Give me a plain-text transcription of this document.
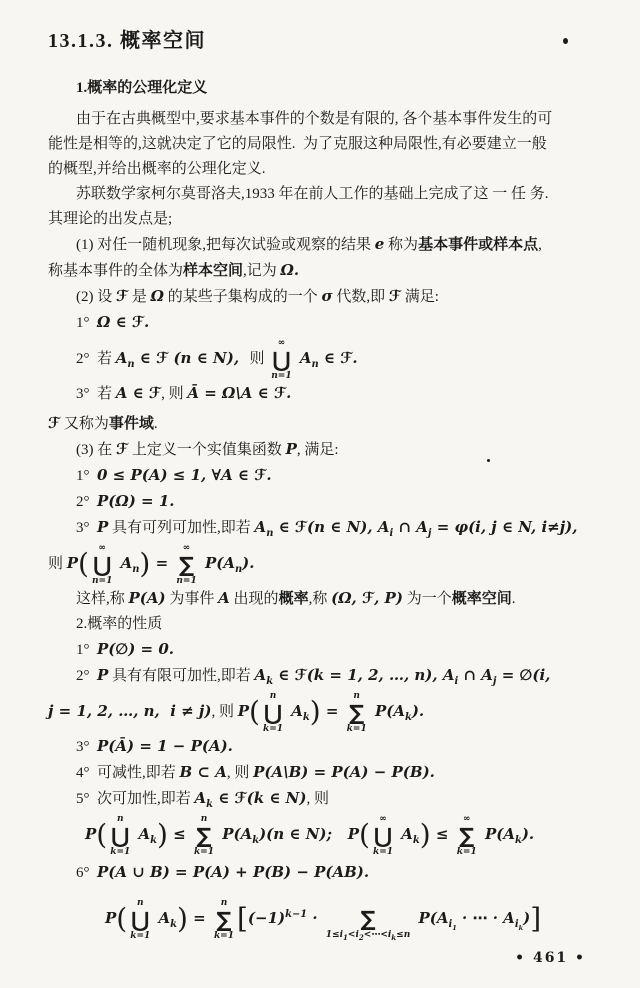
13.1.3. 概率空间
1.概率的公理化定义
由于在古典概型中,要求基本事件的个数是有限的, 各个基本事件发生的可
能性是相等的,这就决定了它的局限性.  为了克服这种局限性,有必要建立一般
的概型,并给出概率的公理化定义.
苏联数学家柯尔莫哥洛夫,1933 年在前人工作的基础上完成了这 一 任 务.
其理论的出发点是;
(1) 对任一随机现象,把每次试验或观察的结果 e 称为基本事件或样本点,
称基本事件的全体为样本空间,记为 Ω.
(2) 设 ℱ 是 Ω 的某些子集构成的一个 σ 代数,即 ℱ 满足:
1°  Ω ∈ ℱ.
2°  若 $A_n$ ∈ ℱ (n ∈ N),  则
∞
⋃
n=1
$A_n$ ∈ ℱ.
3°  若 A ∈ ℱ, 则 Ā = Ω\A ∈ ℱ.
ℱ 又称为事件域.
(3) 在 ℱ 上定义一个实值集函数 P, 满足:
1°  0 ≤ P(A) ≤ 1, ∀A ∈ ℱ.
2°  P(Ω) = 1.
3°  P 具有可列可加性,即若 $A_n$ ∈ ℱ(n ∈ N), $A_i$ ∩ $A_j = \varphi(i$, j ∈ N, i≠j),
则 P( ∞
⋃
n=1
$A_n$) =
∞
∑
n=1
$P(A_n)$.
这样,称 P(A) 为事件 A 出现的概率,称 (Ω, ℱ, P) 为一个概率空间.
2.概率的性质
1°  P(∅) = 0.
2°  P 具有有限可加性,即若 $A_k$ ∈ ℱ(k = 1, 2, …, n), $A_i$ ∩ $A_j$ = ∅(i,
j = 1, 2, …, n,  i ≠ j), 则 P( n
⋃
k=1
$A_k$) =
n
∑
k=1
$P(A_k)$.
3°  P(Ā) = 1 − P(A).
4°  可减性,即若 B ⊂ A, 则 P(A\B) = P(A) − P(B).
5°  次可加性,即若 $A_k$ ∈ ℱ(k ∈ N), 则
P( n
⋃
k=1
$A_k$) ≤
n
∑
k=1
$P(A_k)(n$ ∈ N);   P( ∞
⋃
k=1
$A_k$) ≤
∞
∑
k=1
$P(A_k)$.
6°  P(A ∪ B) = P(A) + P(B) − P(AB).
P( n
⋃
k=1
$A_k$) =
n
∑
k=1
[$(-1)^{k-1}$ · ∑
$1\le i_1<i_2<\cdots<i_k\le n$
$P(A_{i_1}$ · ⋯ · $A_{i_k}$)]
• 461 •
